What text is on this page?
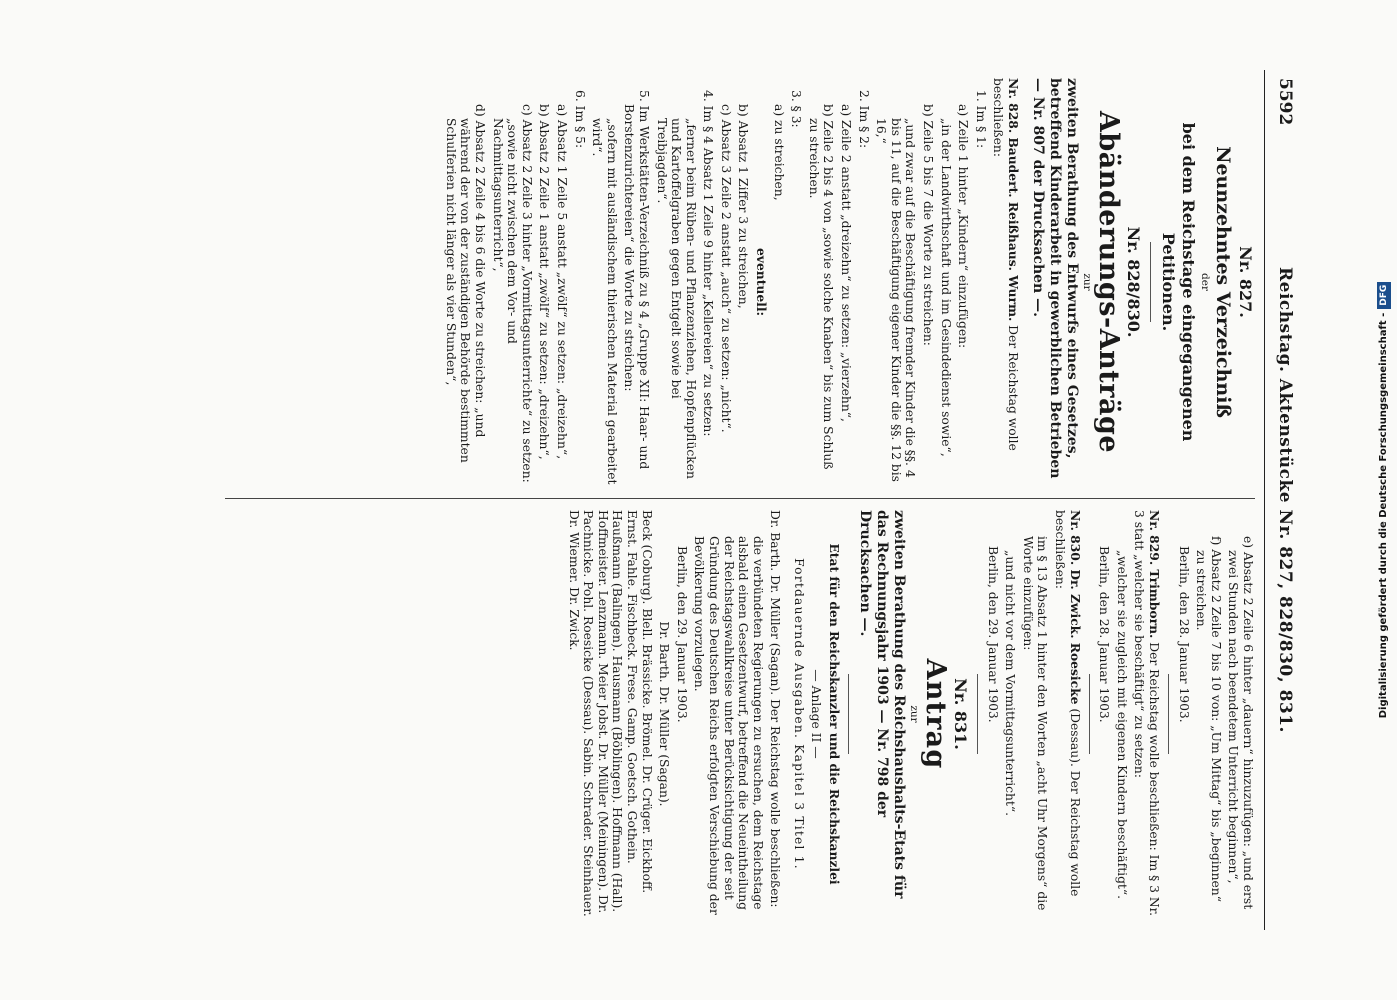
5592
Reichstag. Aktenstücke Nr. 827, 828/830, 831.
Nr. 827.
Neunzehntes Verzeichniß
der
bei dem Reichstage eingegangenen Petitionen.
Nr. 828/830.
Abänderungs-Anträge
zur

zweiten Berathung des Entwurfs eines Gesetzes, betreffend Kinderarbeit in gewerblichen Betrieben — Nr. 807 der Drucksachen —.

Nr. 828. Baudert. Reißhaus. Wurm. Der Reichstag wolle beschließen:

1. Im § 1:

a) Zeile 1 hinter „Kindern“ einzufügen:

„in der Landwirthschaft und im Gesindedienst sowie“,

b) Zeile 5 bis 7 die Worte zu streichen:

„und zwar auf die Beschäftigung fremder Kinder die §§. 4 bis 11, auf die Beschäftigung eigener Kinder die §§. 12 bis 16,“

2. Im § 2:

a) Zeile 2 anstatt „dreizehn“ zu setzen: „vierzehn“,

b) Zeile 2 bis 4 von „sowie solche Knaben“ bis zum Schluß zu streichen.

3. § 3:

a) zu streichen,

eventuell:

b) Absatz 1 Ziffer 3 zu streichen,

c) Absatz 3 Zeile 2 anstatt „auch“ zu setzen: „nicht“.

4. Im § 4 Absatz 1 Zeile 9 hinter „Kellereien“ zu setzen:

„ferner beim Rüben- und Pflanzenziehen, Hopfenpflücken und Kartoffelgraben gegen Entgelt sowie bei Treibjagden“.

5. Im Werkstätten-Verzeichniß zu § 4 „Gruppe XII: Haar- und Borstenzurichtereien“ die Worte zu streichen:

„sofern mit ausländischem thierischen Material gearbeitet wird“.

6. Im § 5:

a) Absatz 1 Zeile 5 anstatt „zwölf“ zu setzen: „dreizehn“,

b) Absatz 2 Zeile 1 anstatt „zwölf“ zu setzen: „dreizehn“,

c) Absatz 2 Zeile 3 hinter „Vormittagsunterrichte“ zu setzen: „sowie nicht zwischen dem Vor- und Nachmittagsunterricht“,

d) Absatz 2 Zeile 4 bis 6 die Worte zu streichen: „und während der von der zuständigen Behörde bestimmten Schulferien nicht länger als vier Stunden“,

e) Absatz 2 Zeile 6 hinter „dauern“ hinzuzufügen: „und erst zwei Stunden nach beendetem Unterricht beginnen“,

f) Absatz 2 Zeile 7 bis 10 von: „Um Mittag“ bis „beginnen“ zu streichen.

Berlin, den 28. Januar 1903.

Nr. 829. Trimborn. Der Reichstag wolle beschließen: Im § 3 Nr. 3 statt „welcher sie beschäftigt“ zu setzen:

„welcher sie zugleich mit eigenen Kindern beschäftigt“.

Berlin, den 28. Januar 1903.

Nr. 830. Dr. Zwick. Roesicke (Dessau). Der Reichstag wolle beschließen:

im § 13 Absatz 1 hinter den Worten „acht Uhr Morgens“ die Worte einzufügen:

„und nicht vor dem Vormittagsunterricht“.

Berlin, den 29. Januar 1903.

Nr. 831.
Antrag
zur

zweiten Berathung des Reichshaushalts-Etats für das Rechnungsjahr 1903 — Nr. 798 der Drucksachen —.

Etat für den Reichskanzler und die Reichskanzlei

— Anlage II —

Fortdauernde Ausgaben. Kapitel 3 Titel 1.

Dr. Barth. Dr. Müller (Sagan). Der Reichstag wolle beschließen:

die verbündeten Regierungen zu ersuchen, dem Reichstage alsbald einen Gesetzentwurf, betreffend die Neueintheilung der Reichstagswahlkreise unter Berücksichtigung der seit Gründung des Deutschen Reichs erfolgten Verschiebung der Bevölkerung vorzulegen.

Berlin, den 29. Januar 1903.

Dr. Barth. Dr. Müller (Sagan).

Beck (Coburg). Blell. Brässicke. Brömel. Dr. Crüger. Eickhoff. Ernst. Fahle. Fischbeck. Frese. Gamp. Goetsch. Gothein. Haußmann (Balingen). Hausmann (Böblingen). Hoffmann (Hall). Hoffmeister. Lenzmann. Meier Jobst. Dr. Müller (Meiningen). Dr. Pachnicke. Pohl. Roesicke (Dessau). Sabin. Schrader. Steinhauer. Dr. Wiemer. Dr. Zwick.	Digitalisierung gefördert durch die Deutsche Forschungsgemeinschaft -DFG
